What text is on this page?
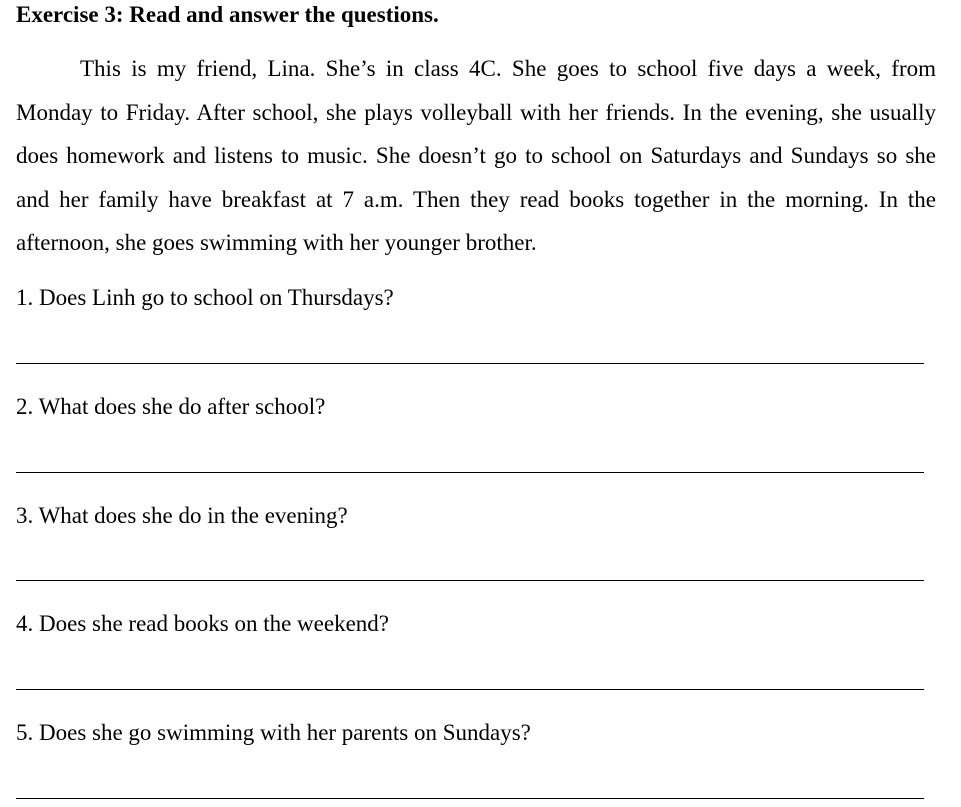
Exercise 3: Read and answer the questions.

This is my friend, Lina. She’s in class 4C. She goes to school five days a week, from Monday to Friday. After school, she plays volleyball with her friends. In the evening, she usually does homework and listens to music. She doesn’t go to school on Saturdays and Sundays so she and her family have breakfast at 7 a.m. Then they read books together in the morning. In the afternoon, she goes swimming with her younger brother.

1. Does Linh go to school on Thursdays?
2. What does she do after school?
3. What does she do in the evening?
4. Does she read books on the weekend?
5. Does she go swimming with her parents on Sundays?
